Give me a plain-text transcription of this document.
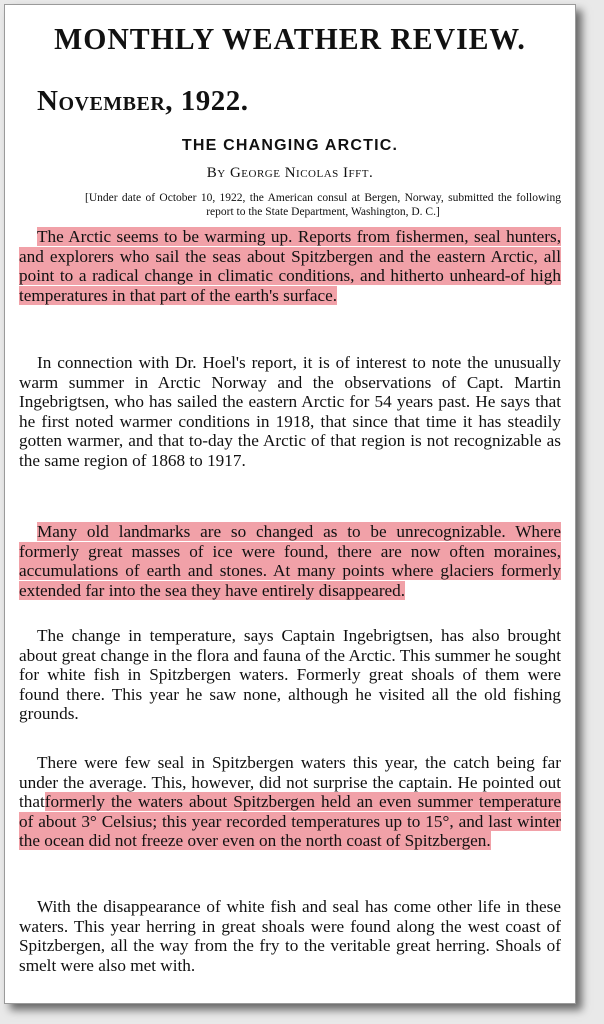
MONTHLY WEATHER REVIEW.
November, 1922.
THE CHANGING ARCTIC.
By George Nicolas Ifft.
[Under date of October 10, 1922, the American consul at Bergen, Norway, submitted the following report to the State Department, Washington, D. C.]

The Arctic seems to be warming up. Reports from fishermen, seal hunters, and explorers who sail the seas about Spitzbergen and the eastern Arctic, all point to a radical change in climatic conditions, and hitherto unheard-of high temperatures in that part of the earth's surface.

In connection with Dr. Hoel's report, it is of interest to note the unusually warm summer in Arctic Norway and the observations of Capt. Martin Ingebrigtsen, who has sailed the eastern Arctic for 54 years past. He says that he first noted warmer conditions in 1918, that since that time it has steadily gotten warmer, and that to-day the Arctic of that region is not recognizable as the same region of 1868 to 1917.

Many old landmarks are so changed as to be unrecognizable. Where formerly great masses of ice were found, there are now often moraines, accumulations of earth and stones. At many points where glaciers formerly extended far into the sea they have entirely disappeared.

The change in temperature, says Captain Ingebrigtsen, has also brought about great change in the flora and fauna of the Arctic. This summer he sought for white fish in Spitzbergen waters. Formerly great shoals of them were found there. This year he saw none, although he visited all the old fishing grounds.

There were few seal in Spitzbergen waters this year, the catch being far under the average. This, however, did not surprise the captain. He pointed out thatformerly the waters about Spitzbergen held an even summer temperature of about 3° Celsius; this year recorded temperatures up to 15°, and last winter the ocean did not freeze over even on the north coast of Spitzbergen.

With the disappearance of white fish and seal has come other life in these waters. This year herring in great shoals were found along the west coast of Spitzbergen, all the way from the fry to the veritable great herring. Shoals of smelt were also met with.
